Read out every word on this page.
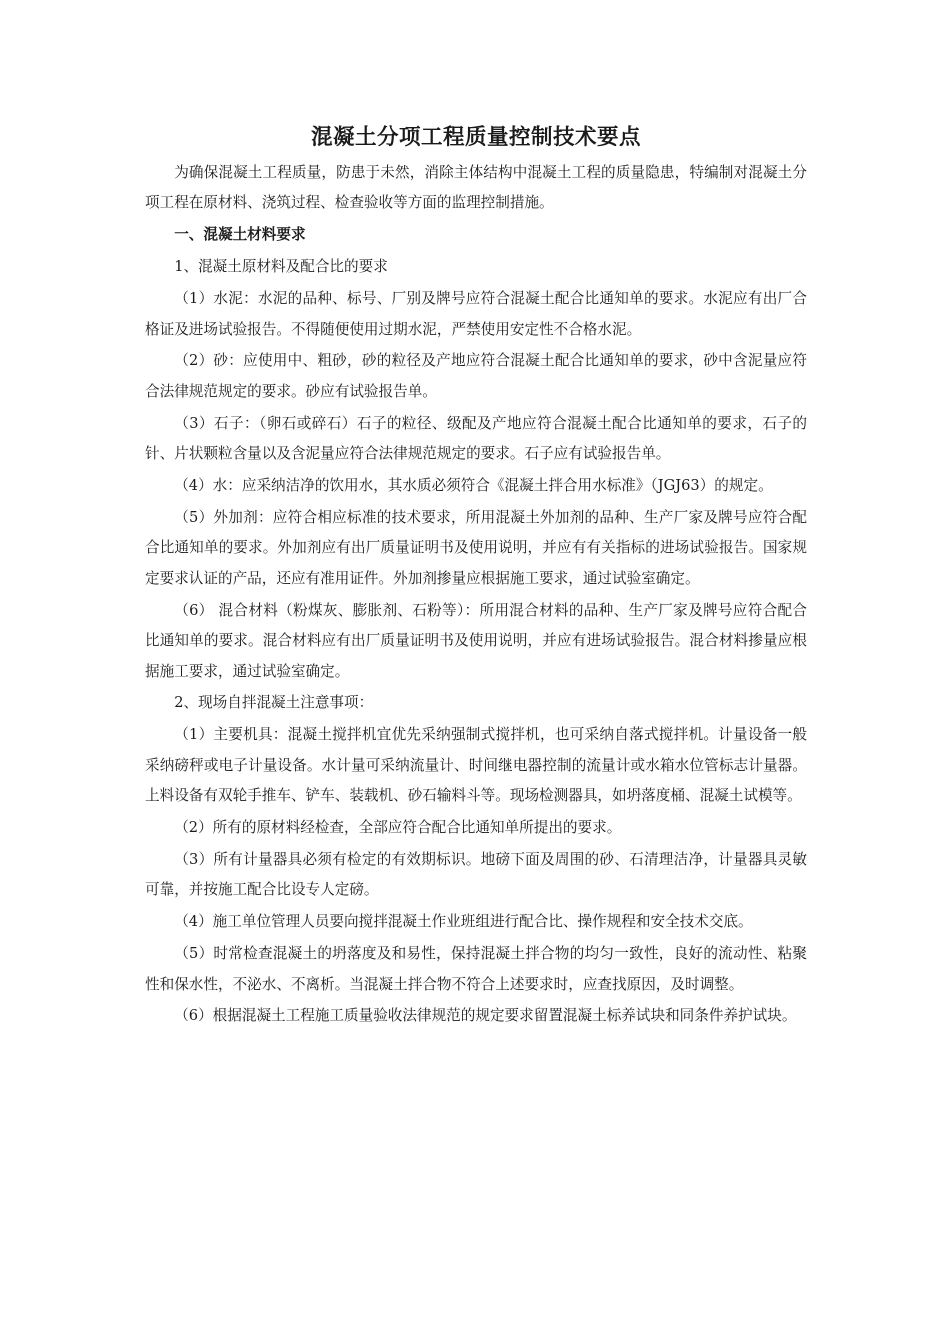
混凝土分项工程质量控制技术要点

为确保混凝土工程质量，防患于未然，消除主体结构中混凝土工程的质量隐患，特编制对混凝土分项工程在原材料、浇筑过程、检查验收等方面的监理控制措施。

一、混凝土材料要求

1、混凝土原材料及配合比的要求

（1）水泥：水泥的品种、标号、厂别及牌号应符合混凝土配合比通知单的要求。水泥应有出厂合格证及进场试验报告。不得随便使用过期水泥，严禁使用安定性不合格水泥。

（2）砂：应使用中、粗砂，砂的粒径及产地应符合混凝土配合比通知单的要求，砂中含泥量应符合法律规范规定的要求。砂应有试验报告单。

（3）石子：（卵石或碎石）石子的粒径、级配及产地应符合混凝土配合比通知单的要求，石子的针、片状颗粒含量以及含泥量应符合法律规范规定的要求。石子应有试验报告单。

（4）水：应采纳洁净的饮用水，其水质必须符合《混凝土拌合用水标准》（JGJ63）的规定。

（5）外加剂：应符合相应标准的技术要求，所用混凝土外加剂的品种、生产厂家及牌号应符合配合比通知单的要求。外加剂应有出厂质量证明书及使用说明，并应有有关指标的进场试验报告。国家规定要求认证的产品，还应有准用证件。外加剂掺量应根据施工要求，通过试验室确定。

（6） 混合材料（粉煤灰、膨胀剂、石粉等）：所用混合材料的品种、生产厂家及牌号应符合配合比通知单的要求。混合材料应有出厂质量证明书及使用说明，并应有进场试验报告。混合材料掺量应根据施工要求，通过试验室确定。

2、现场自拌混凝土注意事项：

（1）主要机具：混凝土搅拌机宜优先采纳强制式搅拌机，也可采纳自落式搅拌机。计量设备一般采纳磅秤或电子计量设备。水计量可采纳流量计、时间继电器控制的流量计或水箱水位管标志计量器。上料设备有双轮手推车、铲车、装载机、砂石输料斗等。现场检测器具，如坍落度桶、混凝土试模等。

（2）所有的原材料经检查，全部应符合配合比通知单所提出的要求。

（3）所有计量器具必须有检定的有效期标识。地磅下面及周围的砂、石清理洁净，计量器具灵敏可靠，并按施工配合比设专人定磅。

（4）施工单位管理人员要向搅拌混凝土作业班组进行配合比、操作规程和安全技术交底。

（5）时常检查混凝土的坍落度及和易性，保持混凝土拌合物的均匀一致性，良好的流动性、粘聚性和保水性，不泌水、不离析。当混凝土拌合物不符合上述要求时，应查找原因，及时调整。

（6）根据混凝土工程施工质量验收法律规范的规定要求留置混凝土标养试块和同条件养护试块。
